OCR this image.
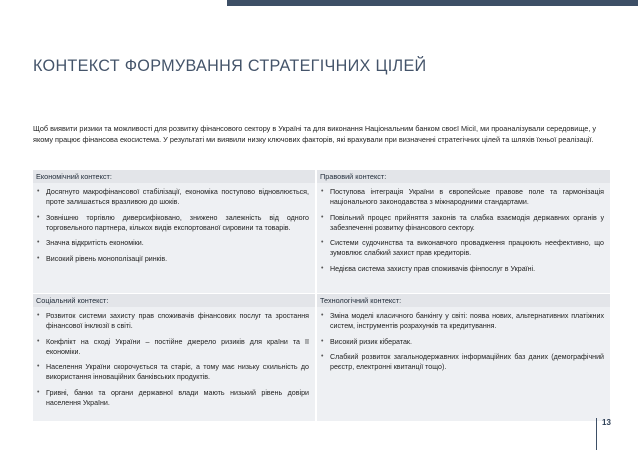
КОНТЕКСТ ФОРМУВАННЯ СТРАТЕГІЧНИХ ЦІЛЕЙ

Щоб виявити ризики та можливості для розвитку фінансового сектору в Україні та для виконання Національним банком своєї Місії, ми проаналізували середовище, у якому працює фінансова екосистема. У результаті ми виявили низку ключових факторів, які врахували при визначенні стратегічних цілей та шляхів їхньої реалізації.

Економічний контекст:
• Досягнуто макрофінансової стабілізації, економіка поступово відновлюється, проте залишається вразливою до шоків.
• Зовнішню торгівлю диверсифіковано, знижено залежність від одного торговельного партнера, кількох видів експортованої сировини та товарів.
• Значна відкритість економіки.
• Високий рівень монополізації ринків.
Правовий контекст:
• Поступова інтеграція України в європейське правове поле та гармонізація національного законодавства з міжнародними стандартами.
• Повільний процес прийняття законів та слабка взаємодія державних органів у забезпеченні розвитку фінансового сектору.
• Системи судочинства та виконавчого провадження працюють неефективно, що зумовлює слабкий захист прав кредиторів.
• Недієва система захисту прав споживачів фінпослуг в Україні.
Соціальний контекст:
• Розвиток системи захисту прав споживачів фінансових послуг та зростання фінансової інклюзії в світі.
• Конфлікт на сході України – постійне джерело ризиків для країни та її економіки.
• Населення України скорочується та старіє, а тому має низьку схильність до використання інноваційних банківських продуктів.
• Гривні, банки та органи державної влади мають низький рівень довіри населення України.
Технологічний контекст:
• Зміна моделі класичного банкінгу у світі: поява нових, альтернативних платіжних систем, інструментів розрахунків та кредитування.
• Високий ризик кібератак.
• Слабкий розвиток загальнодержавних інформаційних баз даних (демографічний реєстр, електронні квитанції тощо).
13
